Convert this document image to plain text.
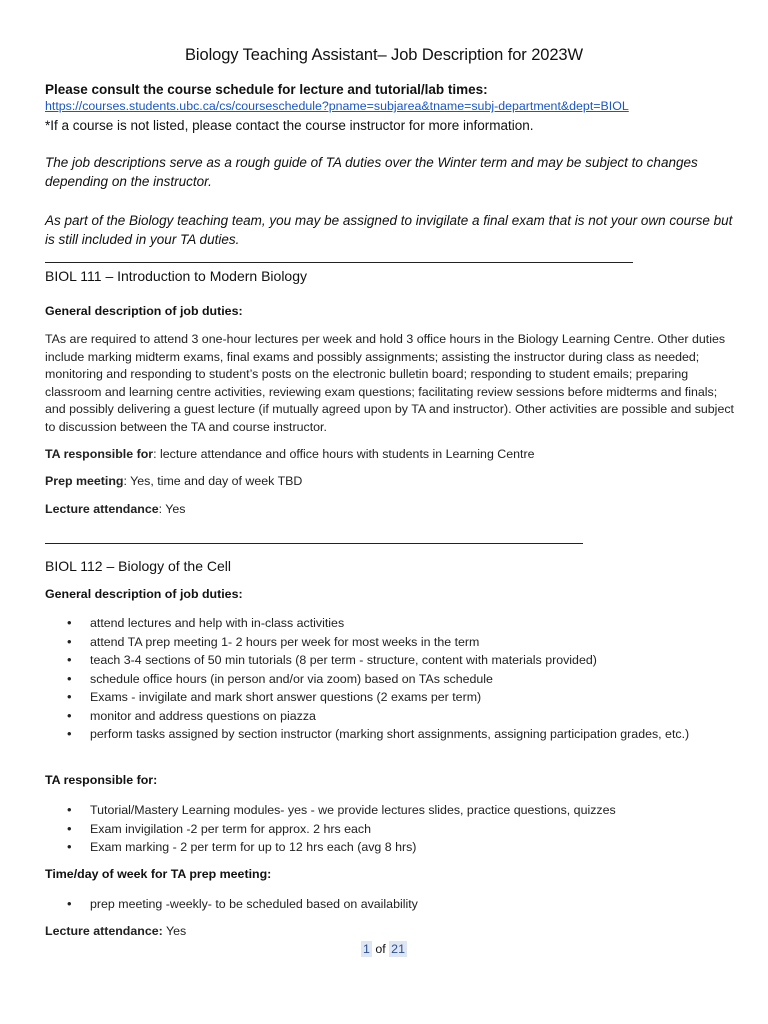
Biology Teaching Assistant– Job Description for 2023W
Please consult the course schedule for lecture and tutorial/lab times:
https://courses.students.ubc.ca/cs/courseschedule?pname=subjarea&tname=subj-department&dept=BIOL
*If a course is not listed, please contact the course instructor for more information.
The job descriptions serve as a rough guide of TA duties over the Winter term and may be subject to changes depending on the instructor.
As part of the Biology teaching team, you may be assigned to invigilate a final exam that is not your own course but is still included in your TA duties.
BIOL 111 – Introduction to Modern Biology
General description of job duties:
TAs are required to attend 3 one-hour lectures per week and hold 3 office hours in the Biology Learning Centre. Other duties include marking midterm exams, final exams and possibly assignments; assisting the instructor during class as needed; monitoring and responding to student’s posts on the electronic bulletin board; responding to student emails; preparing classroom and learning centre activities, reviewing exam questions; facilitating review sessions before midterms and finals; and possibly delivering a guest lecture (if mutually agreed upon by TA and instructor). Other activities are possible and subject to discussion between the TA and course instructor.
TA responsible for: lecture attendance and office hours with students in Learning Centre
Prep meeting: Yes, time and day of week TBD
Lecture attendance: Yes
BIOL 112 – Biology of the Cell
General description of job duties:
• attend lectures and help with in-class activities
• attend TA prep meeting 1- 2 hours per week for most weeks in the term
• teach 3-4 sections of 50 min tutorials (8 per term - structure, content with materials provided)
• schedule office hours (in person and/or via zoom) based on TAs schedule
• Exams - invigilate and mark short answer questions (2 exams per term)
• monitor and address questions on piazza
• perform tasks assigned by section instructor (marking short assignments, assigning participation grades, etc.)
TA responsible for:
• Tutorial/Mastery Learning modules- yes - we provide lectures slides, practice questions, quizzes
• Exam invigilation -2 per term for approx. 2 hrs each
• Exam marking - 2 per term for up to 12 hrs each (avg 8 hrs)
Time/day of week for TA prep meeting:
• prep meeting -weekly- to be scheduled based on availability
Lecture attendance: Yes
1 of 21
